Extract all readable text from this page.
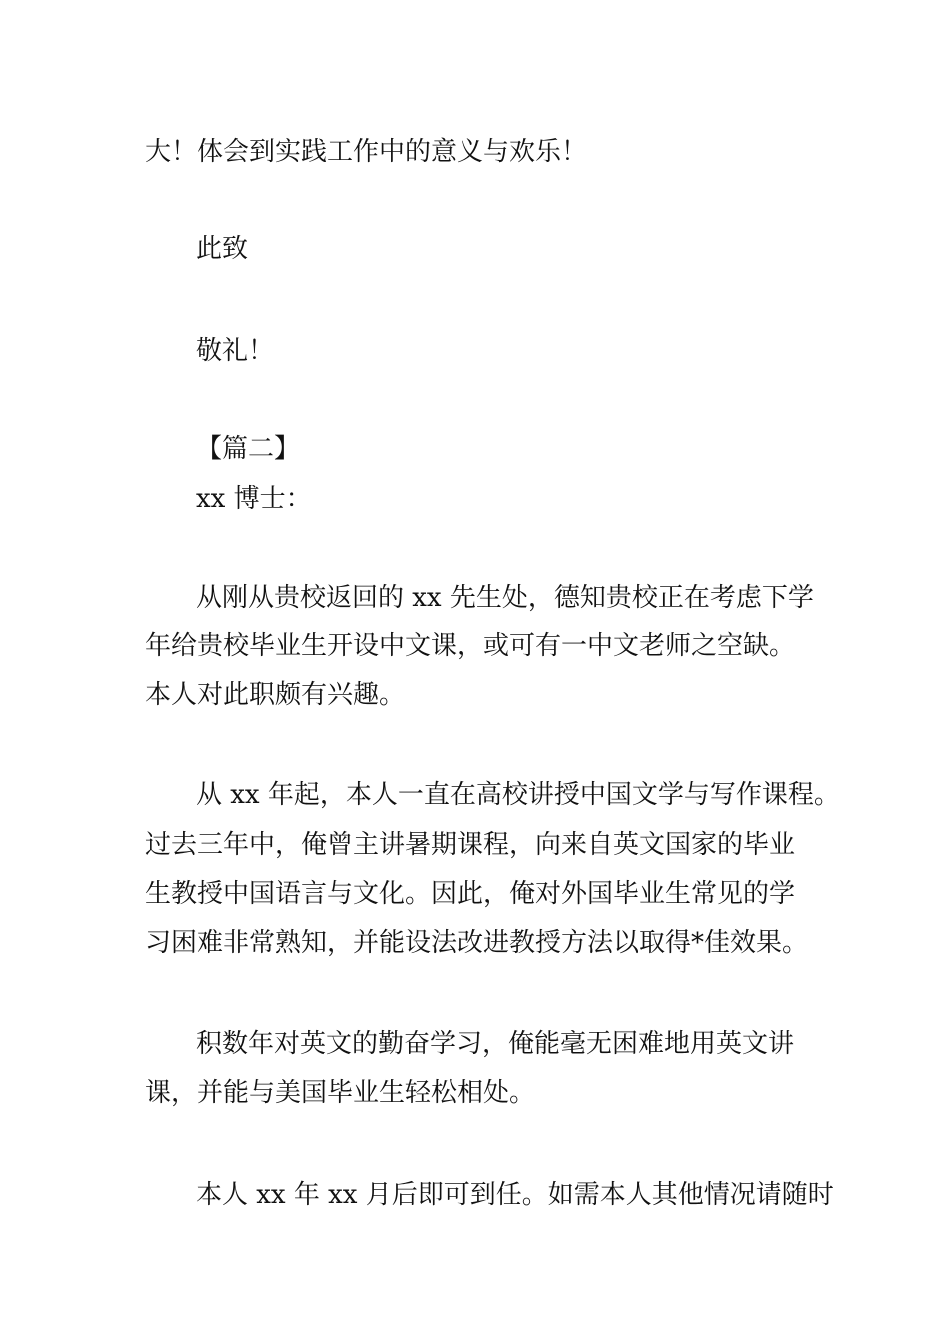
大！体会到实践工作中的意义与欢乐！
此致
敬礼！
【篇二】
xx 博士：
从刚从贵校返回的 xx 先生处，德知贵校正在考虑下学
年给贵校毕业生开设中文课，或可有一中文老师之空缺。
本人对此职颇有兴趣。
从 xx 年起，本人一直在高校讲授中国文学与写作课程。
过去三年中，俺曾主讲暑期课程，向来自英文国家的毕业
生教授中国语言与文化。因此，俺对外国毕业生常见的学
习困难非常熟知，并能设法改进教授方法以取得*佳效果。
积数年对英文的勤奋学习，俺能毫无困难地用英文讲
课，并能与美国毕业生轻松相处。
本人 xx 年 xx 月后即可到任。如需本人其他情况请随时
